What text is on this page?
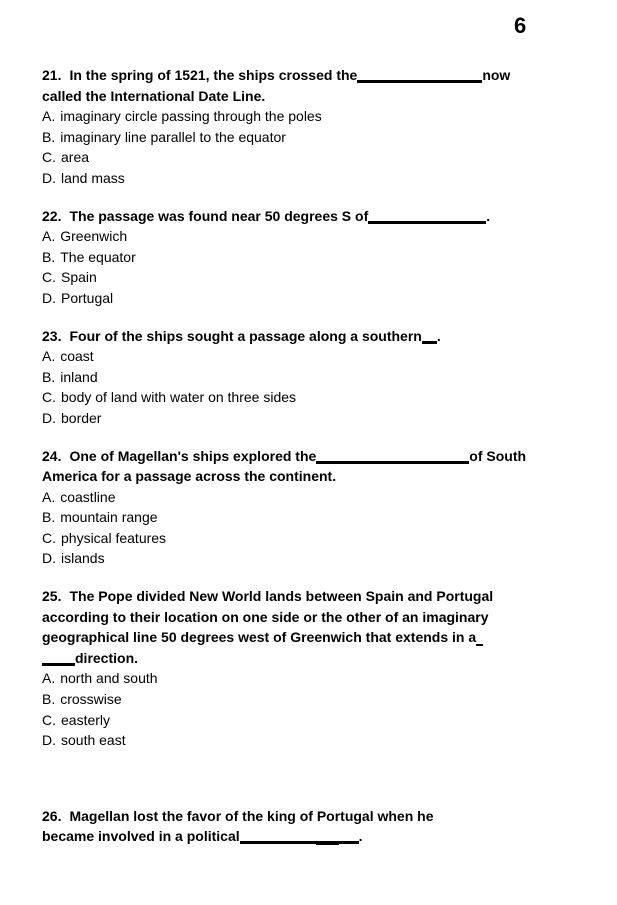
6
21. In the spring of 1521, the ships crossed the	now
called the International Date Line.
A. imaginary circle passing through the poles
B. imaginary line parallel to the equator
C. area
D. land mass
22. The passage was found near 50 degrees S of	.
A. Greenwich
B. The equator
C. Spain
D. Portugal
23. Four of the ships sought a passage along a southern .
A. coast
B. inland
C. body of land with water on three sides
D. border
24. One of Magellan's ships explored the	of South
America for a passage across the continent.
A. coastline
B. mountain range
C. physical features
D. islands
25. The Pope divided New World lands between Spain and Portugal
according to their location on one side or the other of an imaginary
geographical line 50 degrees west of Greenwich that extends in a
direction.
A. north and south
B. crosswise
C. easterly
D. south east
26. Magellan lost the favor of the king of Portugal when he
became involved in a political	.
